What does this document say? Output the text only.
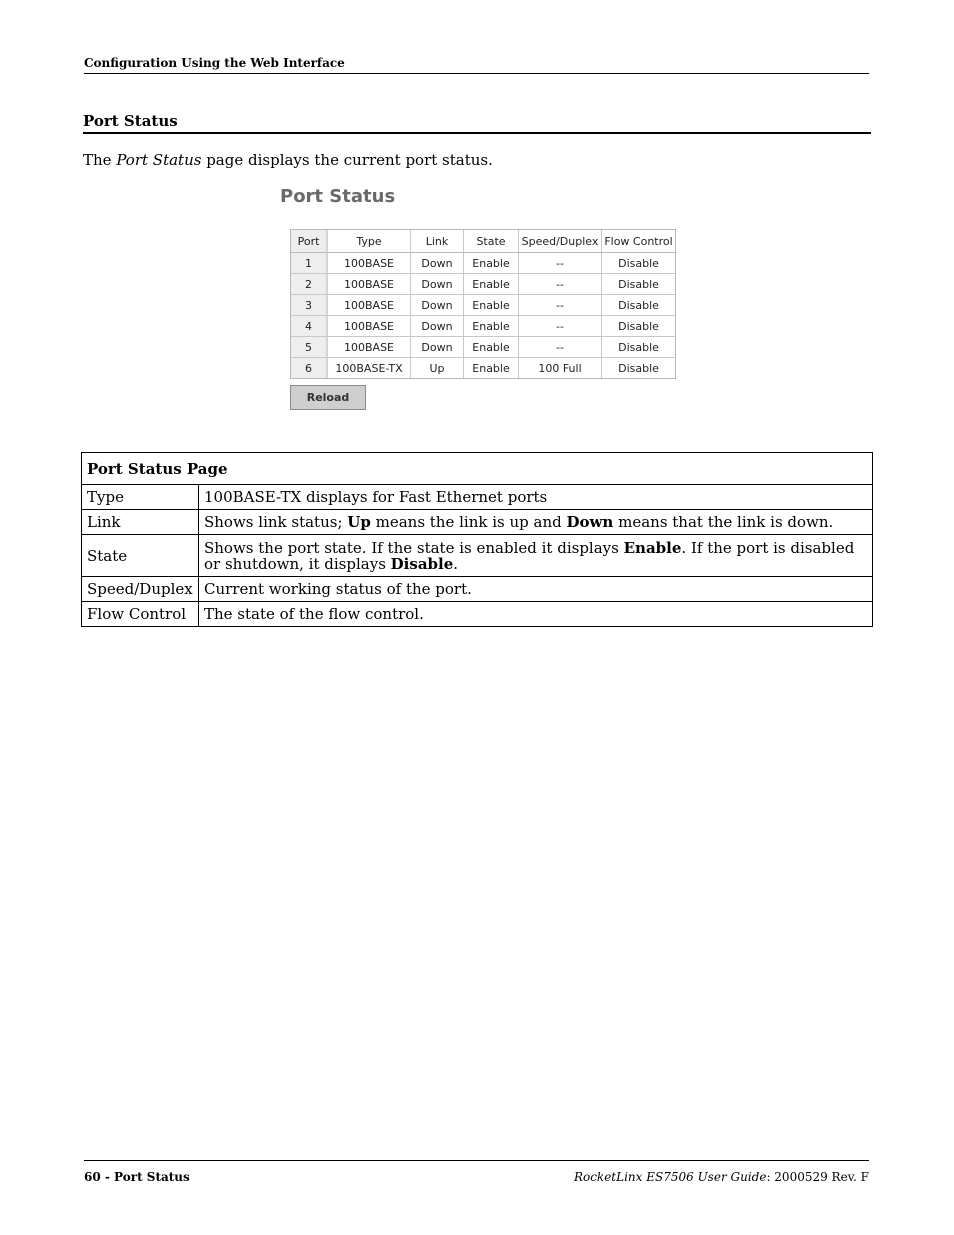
Configuration Using the Web Interface
Port Status
The Port Status page displays the current port status.
Port Status
Port	Type	Link	State	Speed/Duplex	Flow Control
1	100BASE	Down	Enable	--	Disable
2	100BASE	Down	Enable	--	Disable
3	100BASE	Down	Enable	--	Disable
4	100BASE	Down	Enable	--	Disable
5	100BASE	Down	Enable	--	Disable
6	100BASE-TX	Up	Enable	100 Full	Disable
Reload
Port Status Page	
Type	100BASE-TX displays for Fast Ethernet ports
Link	Shows link status; Up means the link is up and Down means that the link is down.
State	Shows the port state. If the state is enabled it displays Enable. If the port is disabled or shutdown, it displays Disable.
Speed/Duplex	Current working status of the port.
Flow Control	The state of the flow control.
60 - Port Status	RocketLinx ES7506 User Guide: 2000529 Rev. F
